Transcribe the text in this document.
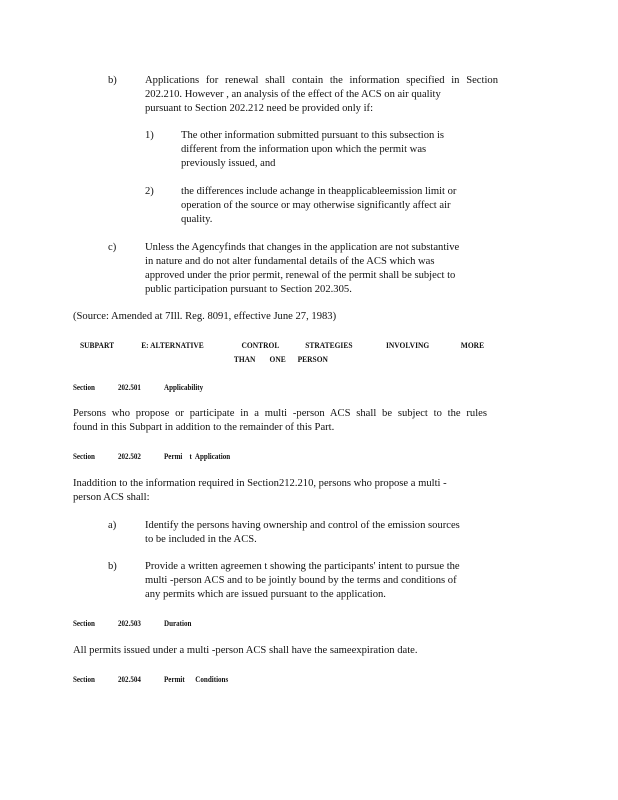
b)	Applications for renewal shall contain the information specified in Section
202.210. However , an analysis of the effect of the ACS on air quality
pursuant to Section 202.212 need be provided only if:
1)	The other information submitted pursuant to this subsection is
different from the information upon which the permit was
previously issued, and
2)	the differences include achange in theapplicableemission limit or
operation of the source or may otherwise significantly affect air
quality.
c)	Unless the Agencyfinds that changes in the application are not substantive
in nature and do not alter fundamental details of the ACS which was
approved under the prior permit, renewal of the permit shall be subject to
public participation pursuant to Section 202.305.
(Source: Amended at 7Ill. Reg. 8091, effective June 27, 1983)
SUBPART	E: ALTERNATIVE	CONTROL	STRATEGIES	INVOLVING	MORE
THAN ONE PERSON
Section	202.501	Applicability
Persons who propose or participate in a multi -person ACS shall be subject to the rules
found in this Subpart in addition to the remainder of this Part.
Section	202.502	Permi    t  Application
Inaddition to the information required in Section212.210, persons who propose a multi -
person ACS shall:
a)	Identify the persons having ownership and control of the emission sources
to be included in the ACS.
b)	Provide a written agreemen t showing the participants' intent to pursue the
multi -person ACS and to be jointly bound by the terms and conditions of
any permits which are issued pursuant to the application.
Section	202.503	Duration
All permits issued under a multi -person ACS shall have the sameexpiration date.
Section	202.504	Permit      Conditions
